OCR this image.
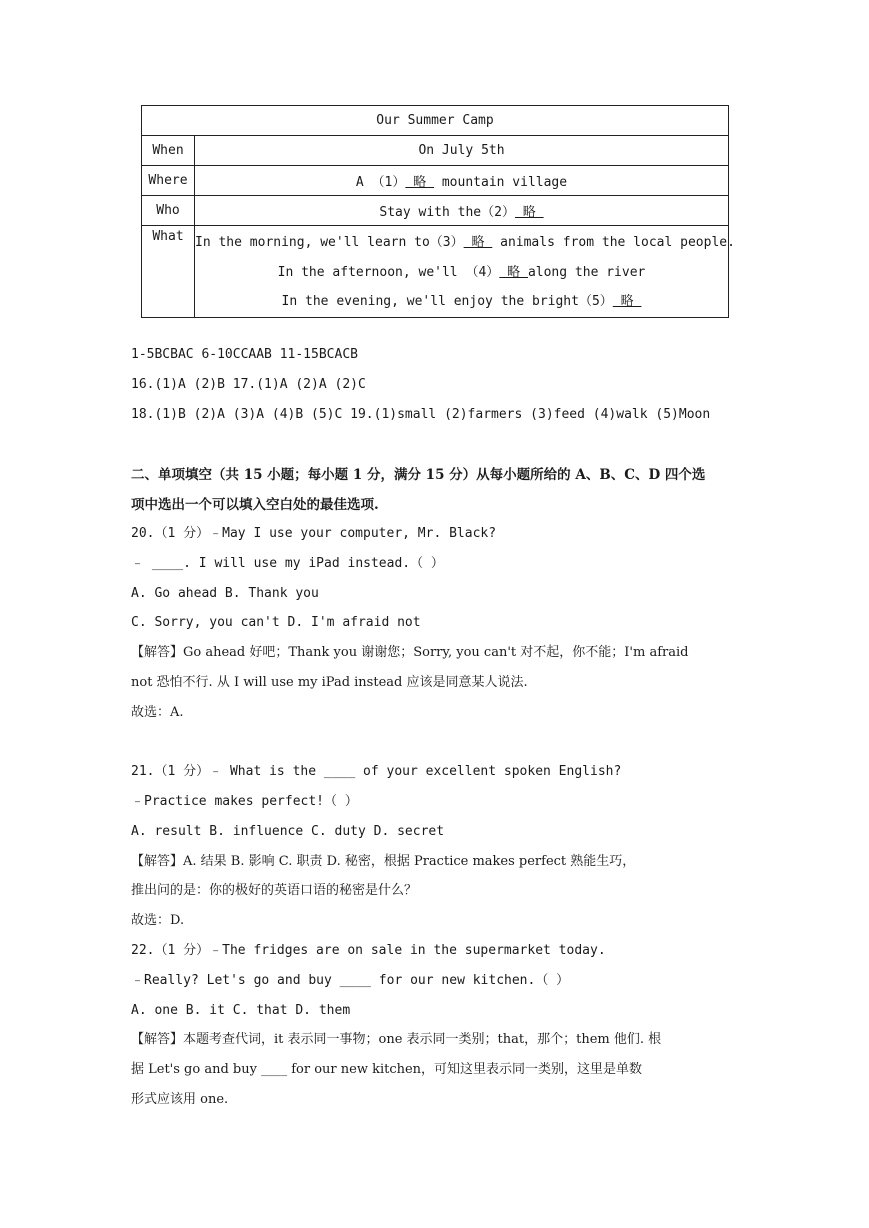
Our Summer Camp	
When	On July 5th
Where	A （1） 略  mountain village
Who	Stay with the（2） 略
What	In the morning, we'll learn to（3） 略  animals from the local people.
In the afternoon, we'll （4） 略 along the river
In the evening, we'll enjoy the bright（5） 略
1-5BCBAC 6-10CCAAB 11-15BCACB
16.(1)A (2)B 17.(1)A (2)A (2)C
18.(1)B (2)A (3)A (4)B (5)C 19.(1)small (2)farmers (3)feed (4)walk (5)Moon
二、单项填空（共 15 小题；每小题 1 分，满分 15 分）从每小题所给的 A、B、C、D 四个选
项中选出一个可以填入空白处的最佳选项.
20.（1 分）﹣May I use your computer, Mr. Black?
﹣ ____. I will use my iPad instead.（ ）
A. Go ahead B. Thank you
C. Sorry, you can't D. I'm afraid not
【解答】Go ahead 好吧；Thank you 谢谢您；Sorry, you can't 对不起，你不能；I'm afraid
not 恐怕不行. 从 I will use my iPad instead 应该是同意某人说法.
故选：A.
21.（1 分）﹣ What is the ____ of your excellent spoken English?
﹣Practice makes perfect!（ ）
A. result B. influence C. duty D. secret
【解答】A. 结果 B. 影响 C. 职责 D. 秘密，根据 Practice makes perfect 熟能生巧，
推出问的是：你的极好的英语口语的秘密是什么？
故选：D.
22.（1 分）﹣The fridges are on sale in the supermarket today.
﹣Really? Let's go and buy ____ for our new kitchen.（ ）
A. one B. it C. that D. them
【解答】本题考查代词，it 表示同一事物；one 表示同一类别；that，那个；them 他们. 根
据 Let's go and buy ____ for our new kitchen，可知这里表示同一类别，这里是单数
形式应该用 one.
